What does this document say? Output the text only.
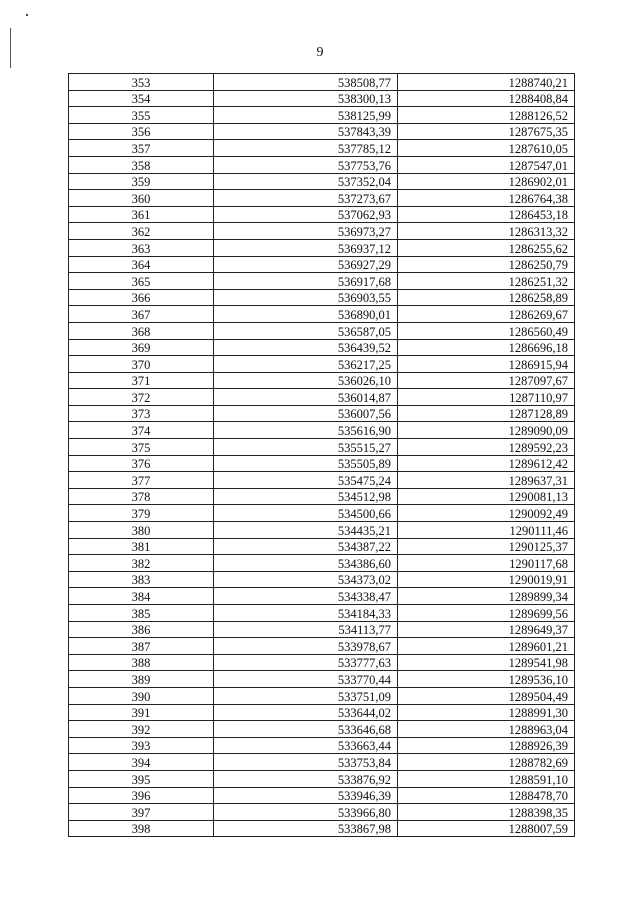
9
353	538508,77	1288740,21
354	538300,13	1288408,84
355	538125,99	1288126,52
356	537843,39	1287675,35
357	537785,12	1287610,05
358	537753,76	1287547,01
359	537352,04	1286902,01
360	537273,67	1286764,38
361	537062,93	1286453,18
362	536973,27	1286313,32
363	536937,12	1286255,62
364	536927,29	1286250,79
365	536917,68	1286251,32
366	536903,55	1286258,89
367	536890,01	1286269,67
368	536587,05	1286560,49
369	536439,52	1286696,18
370	536217,25	1286915,94
371	536026,10	1287097,67
372	536014,87	1287110,97
373	536007,56	1287128,89
374	535616,90	1289090,09
375	535515,27	1289592,23
376	535505,89	1289612,42
377	535475,24	1289637,31
378	534512,98	1290081,13
379	534500,66	1290092,49
380	534435,21	1290111,46
381	534387,22	1290125,37
382	534386,60	1290117,68
383	534373,02	1290019,91
384	534338,47	1289899,34
385	534184,33	1289699,56
386	534113,77	1289649,37
387	533978,67	1289601,21
388	533777,63	1289541,98
389	533770,44	1289536,10
390	533751,09	1289504,49
391	533644,02	1288991,30
392	533646,68	1288963,04
393	533663,44	1288926,39
394	533753,84	1288782,69
395	533876,92	1288591,10
396	533946,39	1288478,70
397	533966,80	1288398,35
398	533867,98	1288007,59
